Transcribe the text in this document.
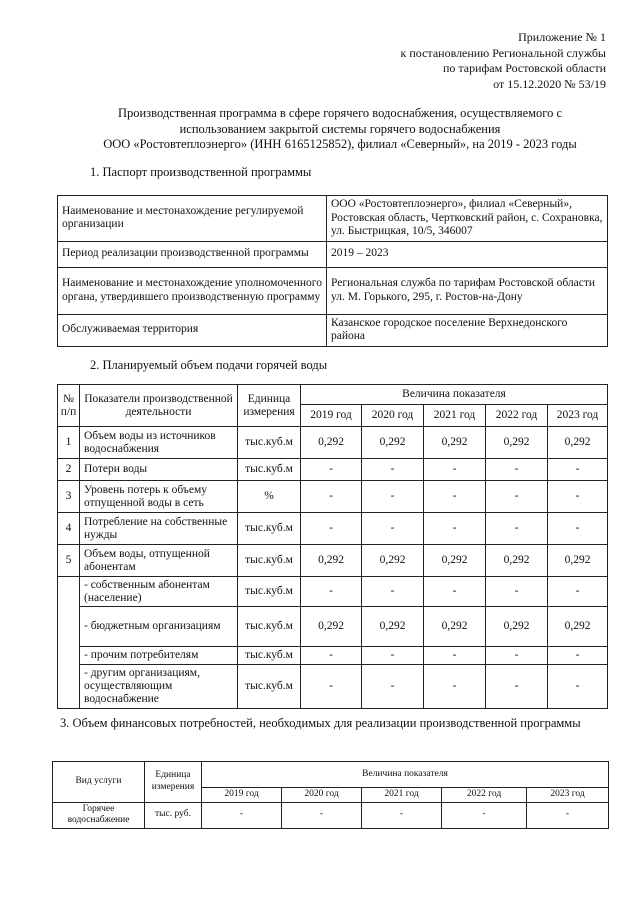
Приложение № 1
к постановлению Региональной службы
по тарифам Ростовской области
от 15.12.2020 № 53/19
Производственная программа в сфере горячего водоснабжения, осуществляемого с
использованием закрытой системы горячего водоснабжения
ООО «Ростовтеплоэнерго» (ИНН 6165125852), филиал «Северный», на 2019 - 2023 годы
1. Паспорт производственной программы
Наименование и местонахождение регулируемой организации	ООО «Ростовтеплоэнерго», филиал «Северный», Ростовская область, Чертковский район, с. Сохрановка, ул. Быстрицкая, 10/5, 346007
Период реализации производственной программы	2019 – 2023
Наименование и местонахождение уполномоченного органа, утвердившего производственную программу	Региональная служба по тарифам Ростовской области ул. М. Горького, 295, г. Ростов-на-Дону
Обслуживаемая территория	Казанское городское поселение Верхнедонского района
2. Планируемый объем подачи горячей воды
№ п/п	Показатели производственной деятельности	Единица измерения	Величина показателя				
			2019 год	2020 год	2021 год	2022 год	2023 год
1	Объем воды из источников водоснабжения	тыс.куб.м	0,292	0,292	0,292	0,292	0,292
2	Потери воды	тыс.куб.м	-	-	-	-	-
3	Уровень потерь к объему отпущенной воды в сеть	%	-	-	-	-	-
4	Потребление на собственные нужды	тыс.куб.м	-	-	-	-	-
5	Объем воды, отпущенной абонентам	тыс.куб.м	0,292	0,292	0,292	0,292	0,292
	- собственным абонентам (население)	тыс.куб.м	-	-	-	-	-
	- бюджетным организациям	тыс.куб.м	0,292	0,292	0,292	0,292	0,292
	- прочим потребителям	тыс.куб.м	-	-	-	-	-
	- другим организациям, осуществляющим водоснабжение	тыс.куб.м	-	-	-	-	-
3. Объем финансовых потребностей, необходимых для реализации производственной программы
Вид услуги	Единица измерения	Величина показателя				
		2019 год	2020 год	2021 год	2022 год	2023 год
Горячее водоснабжение	тыс. руб.	-	-	-	-	-
